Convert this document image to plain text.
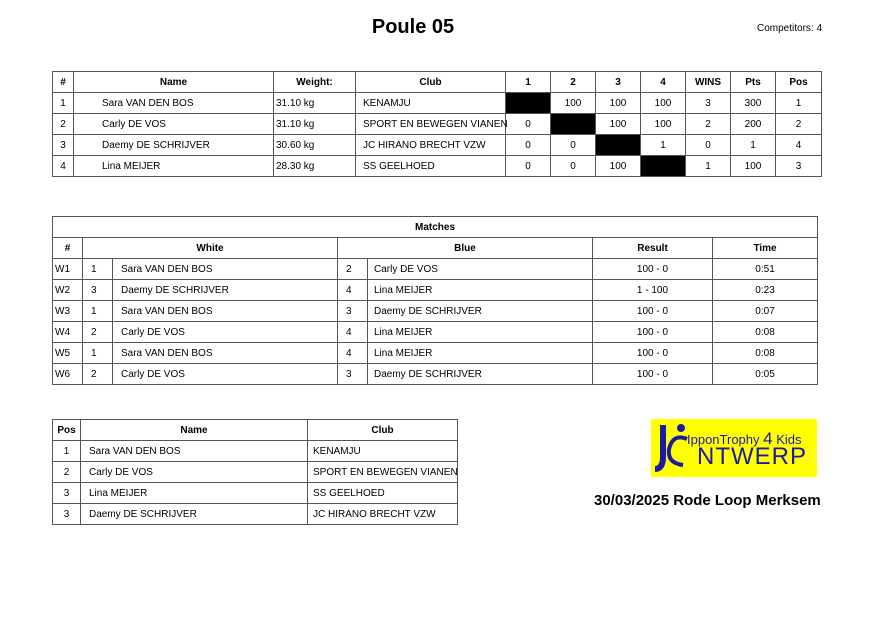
Poule 05	Competitors: 4
#	Name	Weight:	Club	1	2	3	4	WINS	Pts	Pos
1	Sara VAN DEN BOS	31.10 kg	KENAMJU		100	100	100	3	300	1
2	Carly DE VOS	31.10 kg	SPORT EN BEWEGEN VIANEN	0		100	100	2	200	2
3	Daemy DE SCHRIJVER	30.60 kg	JC HIRANO BRECHT VZW	0	0		1	0	1	4
4	Lina MEIJER	28.30 kg	SS GEELHOED	0	0	100		1	100	3
Matches						
#	White		Blue		Result	Time
W1	1	Sara VAN DEN BOS	2	Carly DE VOS	100 - 0	0:51
W2	3	Daemy DE SCHRIJVER	4	Lina MEIJER	1 - 100	0:23
W3	1	Sara VAN DEN BOS	3	Daemy DE SCHRIJVER	100 - 0	0:07
W4	2	Carly DE VOS	4	Lina MEIJER	100 - 0	0:08
W5	1	Sara VAN DEN BOS	4	Lina MEIJER	100 - 0	0:08
W6	2	Carly DE VOS	3	Daemy DE SCHRIJVER	100 - 0	0:05
Pos	Name	Club
1	Sara VAN DEN BOS	KENAMJU
2	Carly DE VOS	SPORT EN BEWEGEN VIANEN
3	Lina MEIJER	SS GEELHOED
3	Daemy DE SCHRIJVER	JC HIRANO BRECHT VZW
IpponTrophy 4 Kids
NTWERP
30/03/2025 Rode Loop Merksem
